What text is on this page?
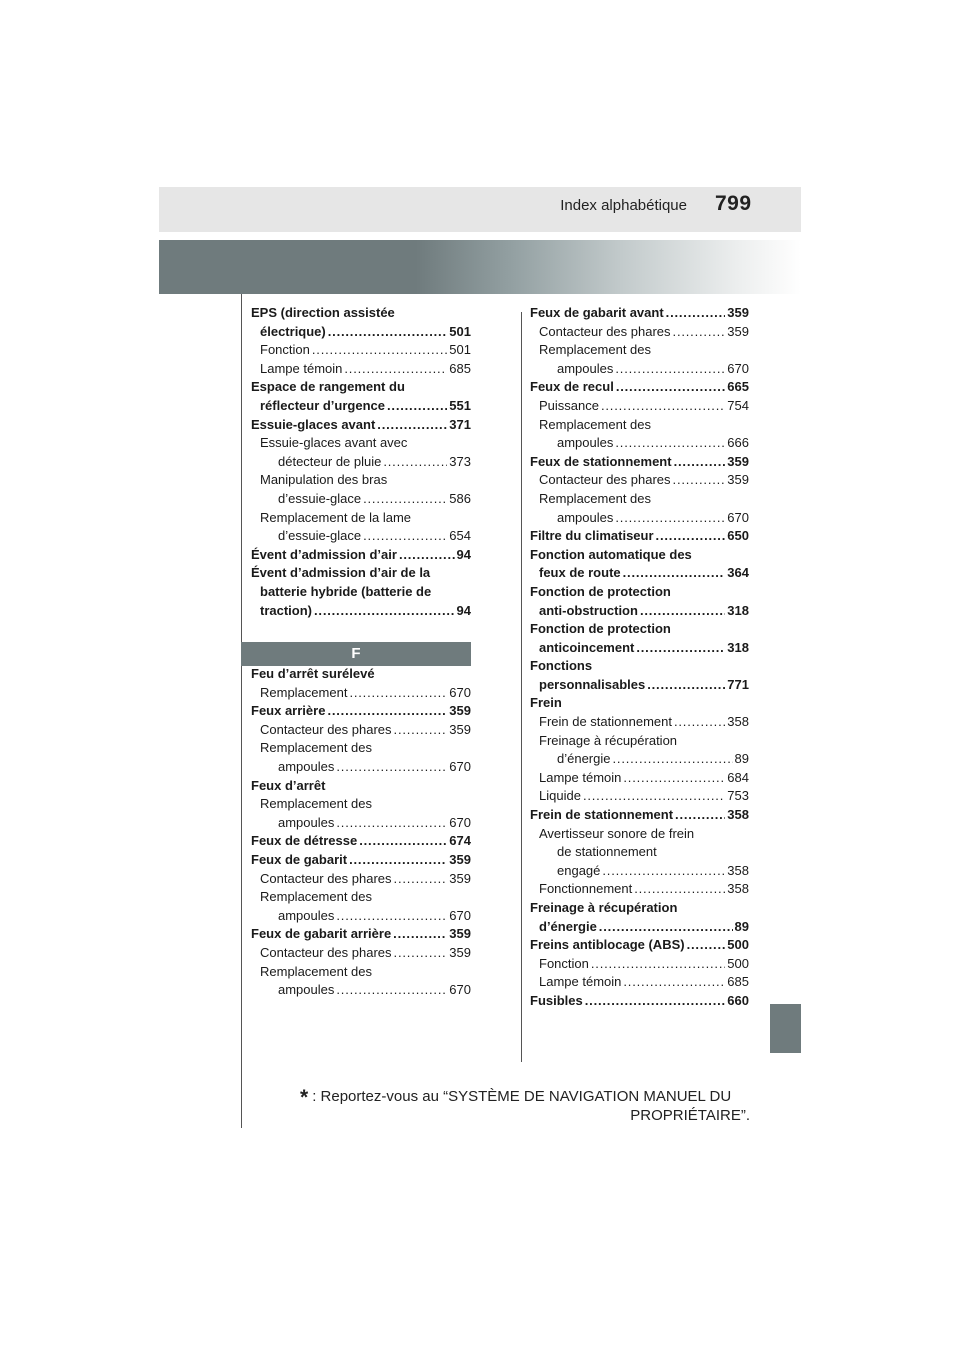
Index alphabétique 799
EPS (direction assistée
électrique) .....	501
Fonction .....	501
Lampe témoin .....	685
Espace de rangement du
réflecteur d’urgence .....	551
Essuie-glaces avant .....	371
Essuie-glaces avant avec
détecteur de pluie .....	373
Manipulation des bras
d’essuie-glace .....	586
Remplacement de la lame
d’essuie-glace .....	654
Évent d’admission d’air .....	94
Évent d’admission d’air de la
batterie hybride (batterie de
traction) .....	94
F
Feu d’arrêt surélevé
Remplacement .....	670
Feux arrière .....	359
Contacteur des phares .....	359
Remplacement des
ampoules .....	670
Feux d’arrêt
Remplacement des
ampoules .....	670
Feux de détresse .....	674
Feux de gabarit .....	359
Contacteur des phares .....	359
Remplacement des
ampoules .....	670
Feux de gabarit arrière .....	359
Contacteur des phares .....	359
Remplacement des
ampoules .....	670
Feux de gabarit avant .....	359
Contacteur des phares .....	359
Remplacement des
ampoules .....	670
Feux de recul .....	665
Puissance .....	754
Remplacement des
ampoules .....	666
Feux de stationnement .....	359
Contacteur des phares .....	359
Remplacement des
ampoules .....	670
Filtre du climatiseur .....	650
Fonction automatique des
feux de route .....	364
Fonction de protection
anti-obstruction .....	318
Fonction de protection
anticoincement .....	318
Fonctions
personnalisables .....	771
Frein
Frein de stationnement .....	358
Freinage à récupération
d’énergie .....	89
Lampe témoin .....	684
Liquide .....	753
Frein de stationnement .....	358
Avertisseur sonore de frein
de stationnement
engagé .....	358
Fonctionnement .....	358
Freinage à récupération
d’énergie .....	89
Freins antiblocage (ABS) .....	500
Fonction .....	500
Lampe témoin .....	685
Fusibles .....	660
* : Reportez-vous au “SYSTÈME DE NAVIGATION MANUEL DU
PROPRIÉTAIRE”.
